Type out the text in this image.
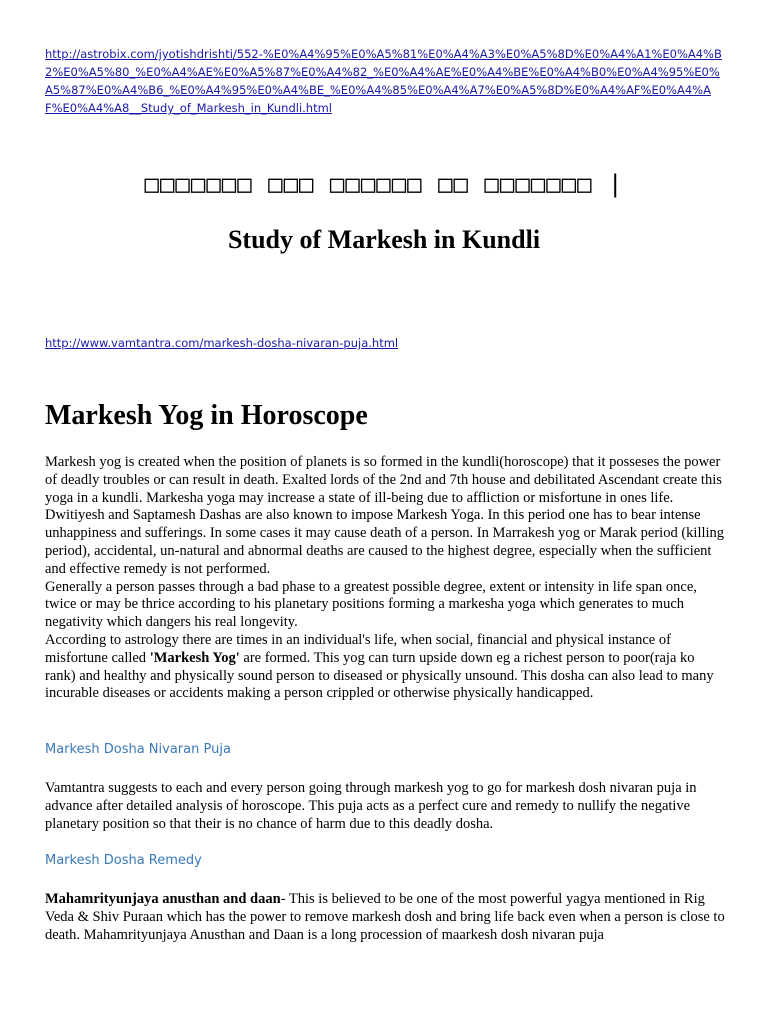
http://astrobix.com/jyotishdrishti/552-%E0%A4%95%E0%A5%81%E0%A4%A3%E0%A5%8D%E0%A4%A1%E0%A4%B2%E0%A5%80_%E0%A4%AE%E0%A5%87%E0%A4%82_%E0%A4%AE%E0%A4%BE%E0%A4%B0%E0%A4%95%E0%A5%87%E0%A4%B6_%E0%A4%95%E0%A4%BE_%E0%A4%85%E0%A4%A7%E0%A5%8D%E0%A4%AF%E0%A4%AF%E0%A4%A8__Study_of_Markesh_in_Kundli.html
□□□□□□□ □□□ □□□□□□ □□ □□□□□□□ |
Study of Markesh in Kundli
http://www.vamtantra.com/markesh-dosha-nivaran-puja.html
Markesh Yog in Horoscope

Markesh yog is created when the position of planets is so formed in the kundli(horoscope) that it posseses the power of deadly troubles or can result in death. Exalted lords of the 2nd and 7th house and debilitated Ascendant create this yoga in a kundli. Markesha yoga may increase a state of ill-being due to affliction or misfortune in ones life.

Dwitiyesh and Saptamesh Dashas are also known to impose Markesh Yoga. In this period one has to bear intense unhappiness and sufferings. In some cases it may cause death of a person. In Marrakesh yog or Marak period (killing period), accidental, un-natural and abnormal deaths are caused to the highest degree, especially when the sufficient and effective remedy is not performed.

Generally a person passes through a bad phase to a greatest possible degree, extent or intensity in life span once, twice or may be thrice according to his planetary positions forming a markesha yoga which generates to much negativity which dangers his real longevity.

According to astrology there are times in an individual's life, when social, financial and physical instance of misfortune called 'Markesh Yog' are formed. This yog can turn upside down eg a richest person to poor(raja ko rank) and healthy and physically sound person to diseased or physically unsound. This dosha can also lead to many incurable diseases or accidents making a person crippled or otherwise physically handicapped.

Markesh Dosha Nivaran Puja

Vamtantra suggests to each and every person going through markesh yog to go for markesh dosh nivaran puja in advance after detailed analysis of horoscope. This puja acts as a perfect cure and remedy to nullify the negative planetary position so that their is no chance of harm due to this deadly dosha.

Markesh Dosha Remedy

Mahamrityunjaya anusthan and daan- This is believed to be one of the most powerful yagya mentioned in Rig Veda & Shiv Puraan which has the power to remove markesh dosh and bring life back even when a person is close to death. Mahamrityunjaya Anusthan and Daan is a long procession of maarkesh dosh nivaran puja
